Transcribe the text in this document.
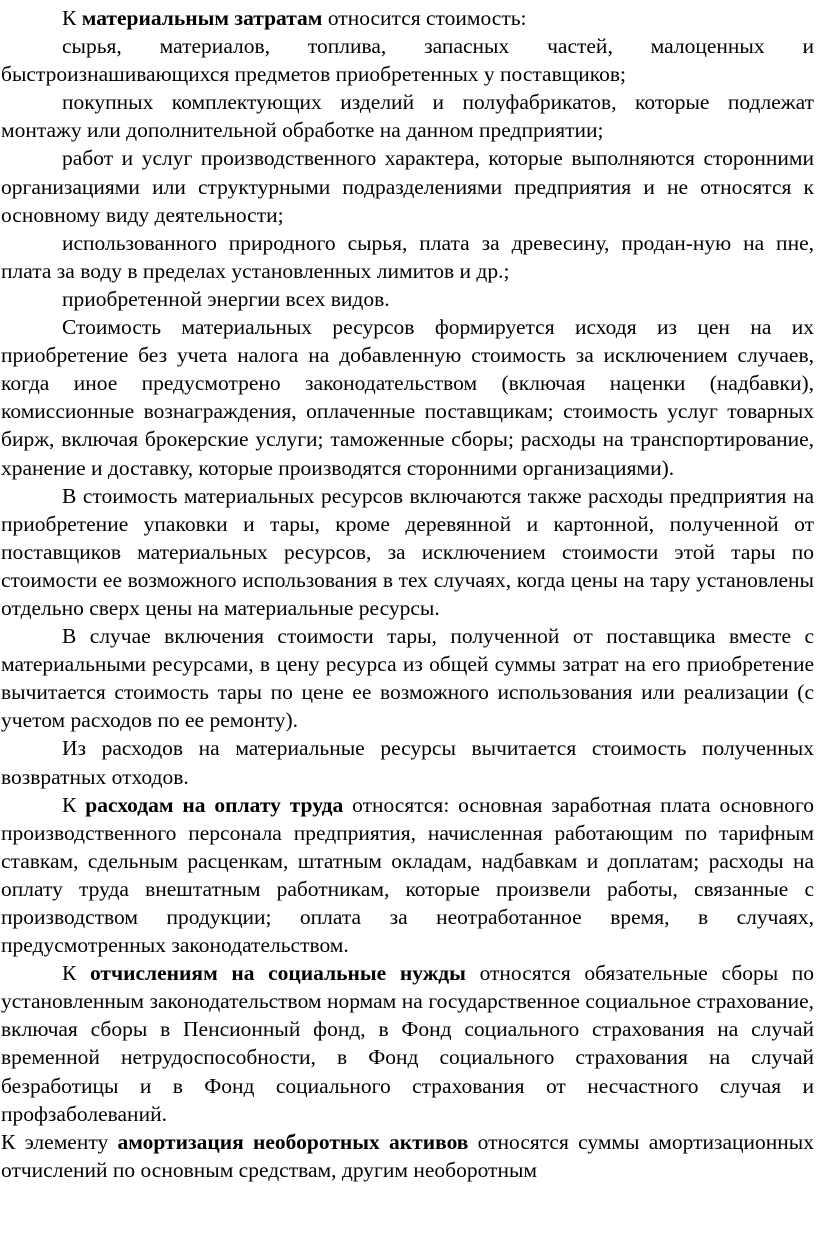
К материальным затратам относится стоимость:

сырья, материалов, топлива, запасных частей, малоценных и быстроизнашивающихся предметов приобретенных у поставщиков;

покупных комплектующих изделий и полуфабрикатов, которые подлежат монтажу или дополнительной обработке на данном предприятии;

работ и услуг производственного характера, которые выполняются сторонними организациями или структурными подразделениями предприятия и не относятся к основному виду деятельности;

использованного природного сырья, плата за древесину, продан-ную на пне, плата за воду в пределах установленных лимитов и др.;

приобретенной энергии всех видов.

Стоимость материальных ресурсов формируется исходя из цен на их приобретение без учета налога на добавленную стоимость за исключением случаев, когда иное предусмотрено законодательством (включая наценки (надбавки), комиссионные вознаграждения, оплаченные поставщикам; стоимость услуг товарных бирж, включая брокерские услуги; таможенные сборы; расходы на транспортирование, хранение и доставку, которые производятся сторонними организациями).

В стоимость материальных ресурсов включаются также расходы предприятия на приобретение упаковки и тары, кроме деревянной и картонной, полученной от поставщиков материальных ресурсов, за исключением стоимости этой тары по стоимости ее возможного использования в тех случаях, когда цены на тару установлены отдельно сверх цены на материальные ресурсы.

В случае включения стоимости тары, полученной от поставщика вместе с материальными ресурсами, в цену ресурса из общей суммы затрат на его приобретение вычитается стоимость тары по цене ее возможного использования или реализации (с учетом расходов по ее ремонту).

Из расходов на материальные ресурсы вычитается стоимость полученных возвратных отходов.

К расходам на оплату труда относятся: основная заработная плата основного производственного персонала предприятия, начисленная работающим по тарифным ставкам, сдельным расценкам, штатным окладам, надбавкам и доплатам; расходы на оплату труда внештатным работникам, которые произвели работы, связанные с производством продукции; оплата за неотработанное время, в случаях, предусмотренных законодательством.

К отчислениям на социальные нужды относятся обязательные сборы по установленным законодательством нормам на государственное социальное страхование, включая сборы в Пенсионный фонд, в Фонд социального страхования на случай временной нетрудоспособности, в Фонд социального страхования на случай безработицы и в Фонд социального страхования от несчастного случая и профзаболеваний.

К элементу амортизация необоротных активов относятся суммы амортизационных отчислений по основным средствам, другим необоротным
